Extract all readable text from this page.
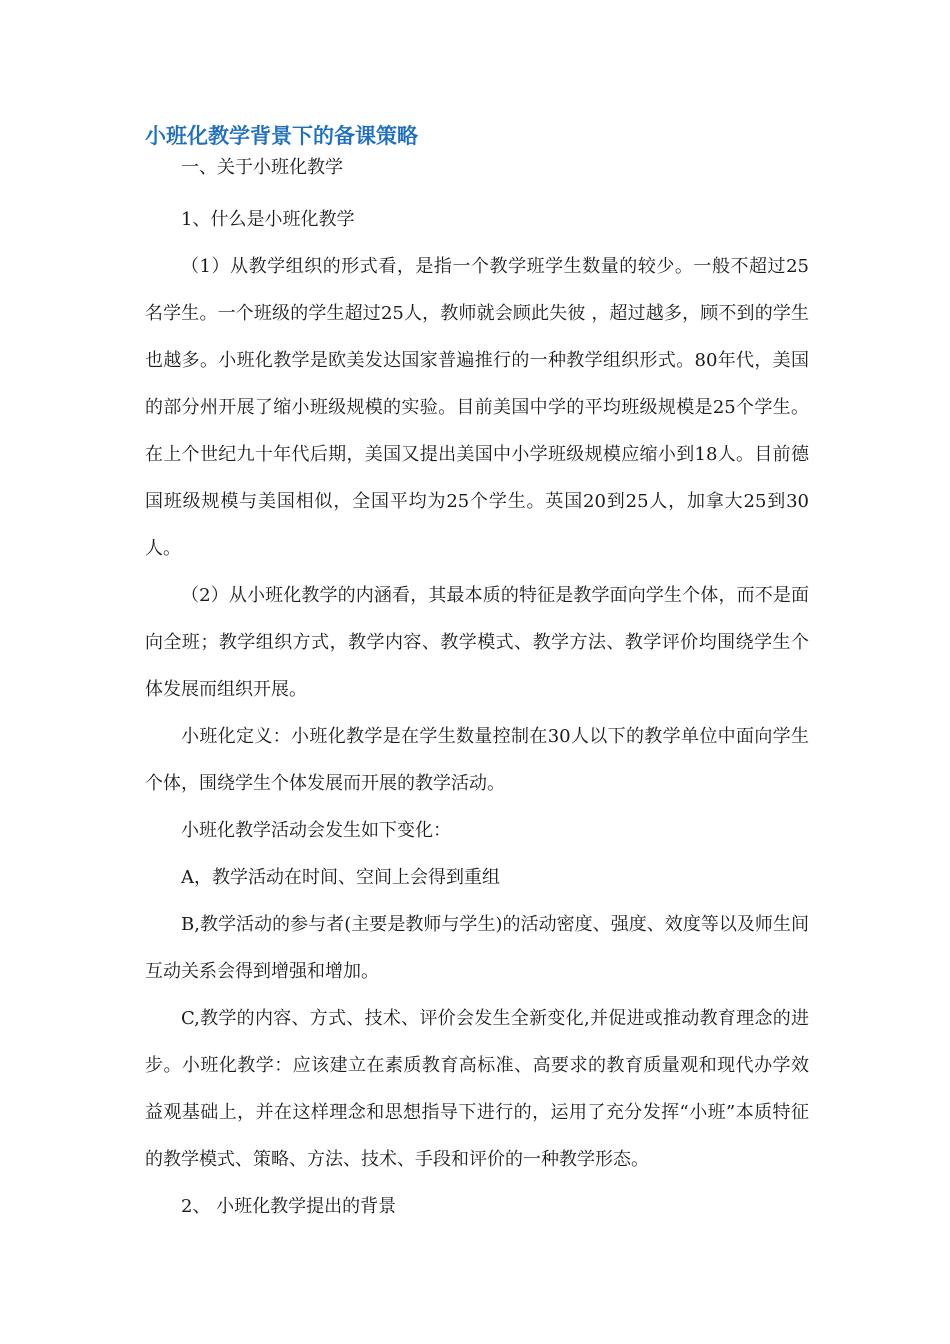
小班化教学背景下的备课策略

一、关于小班化教学

1、什么是小班化教学

（1）从教学组织的形式看，是指一个教学班学生数量的较少。一般不超过25名学生。一个班级的学生超过25人，教师就会顾此失彼 ，超过越多，顾不到的学生也越多。小班化教学是欧美发达国家普遍推行的一种教学组织形式。80年代，美国的部分州开展了缩小班级规模的实验。目前美国中学的平均班级规模是25个学生。在上个世纪九十年代后期，美国又提出美国中小学班级规模应缩小到18人。目前德国班级规模与美国相似，全国平均为25个学生。英国20到25人，加拿大25到30人。

（2）从小班化教学的内涵看，其最本质的特征是教学面向学生个体，而不是面向全班；教学组织方式，教学内容、教学模式、教学方法、教学评价均围绕学生个体发展而组织开展。

小班化定义：小班化教学是在学生数量控制在30人以下的教学单位中面向学生个体，围绕学生个体发展而开展的教学活动。

小班化教学活动会发生如下变化：

A，教学活动在时间、空间上会得到重组

B,教学活动的参与者(主要是教师与学生)的活动密度、强度、效度等以及师生间互动关系会得到增强和增加。

C,教学的内容、方式、技术、评价会发生全新变化,并促进或推动教育理念的进步。小班化教学：应该建立在素质教育高标准、高要求的教育质量观和现代办学效益观基础上，并在这样理念和思想指导下进行的，运用了充分发挥“小班”本质特征的教学模式、策略、方法、技术、手段和评价的一种教学形态。

2、 小班化教学提出的背景
